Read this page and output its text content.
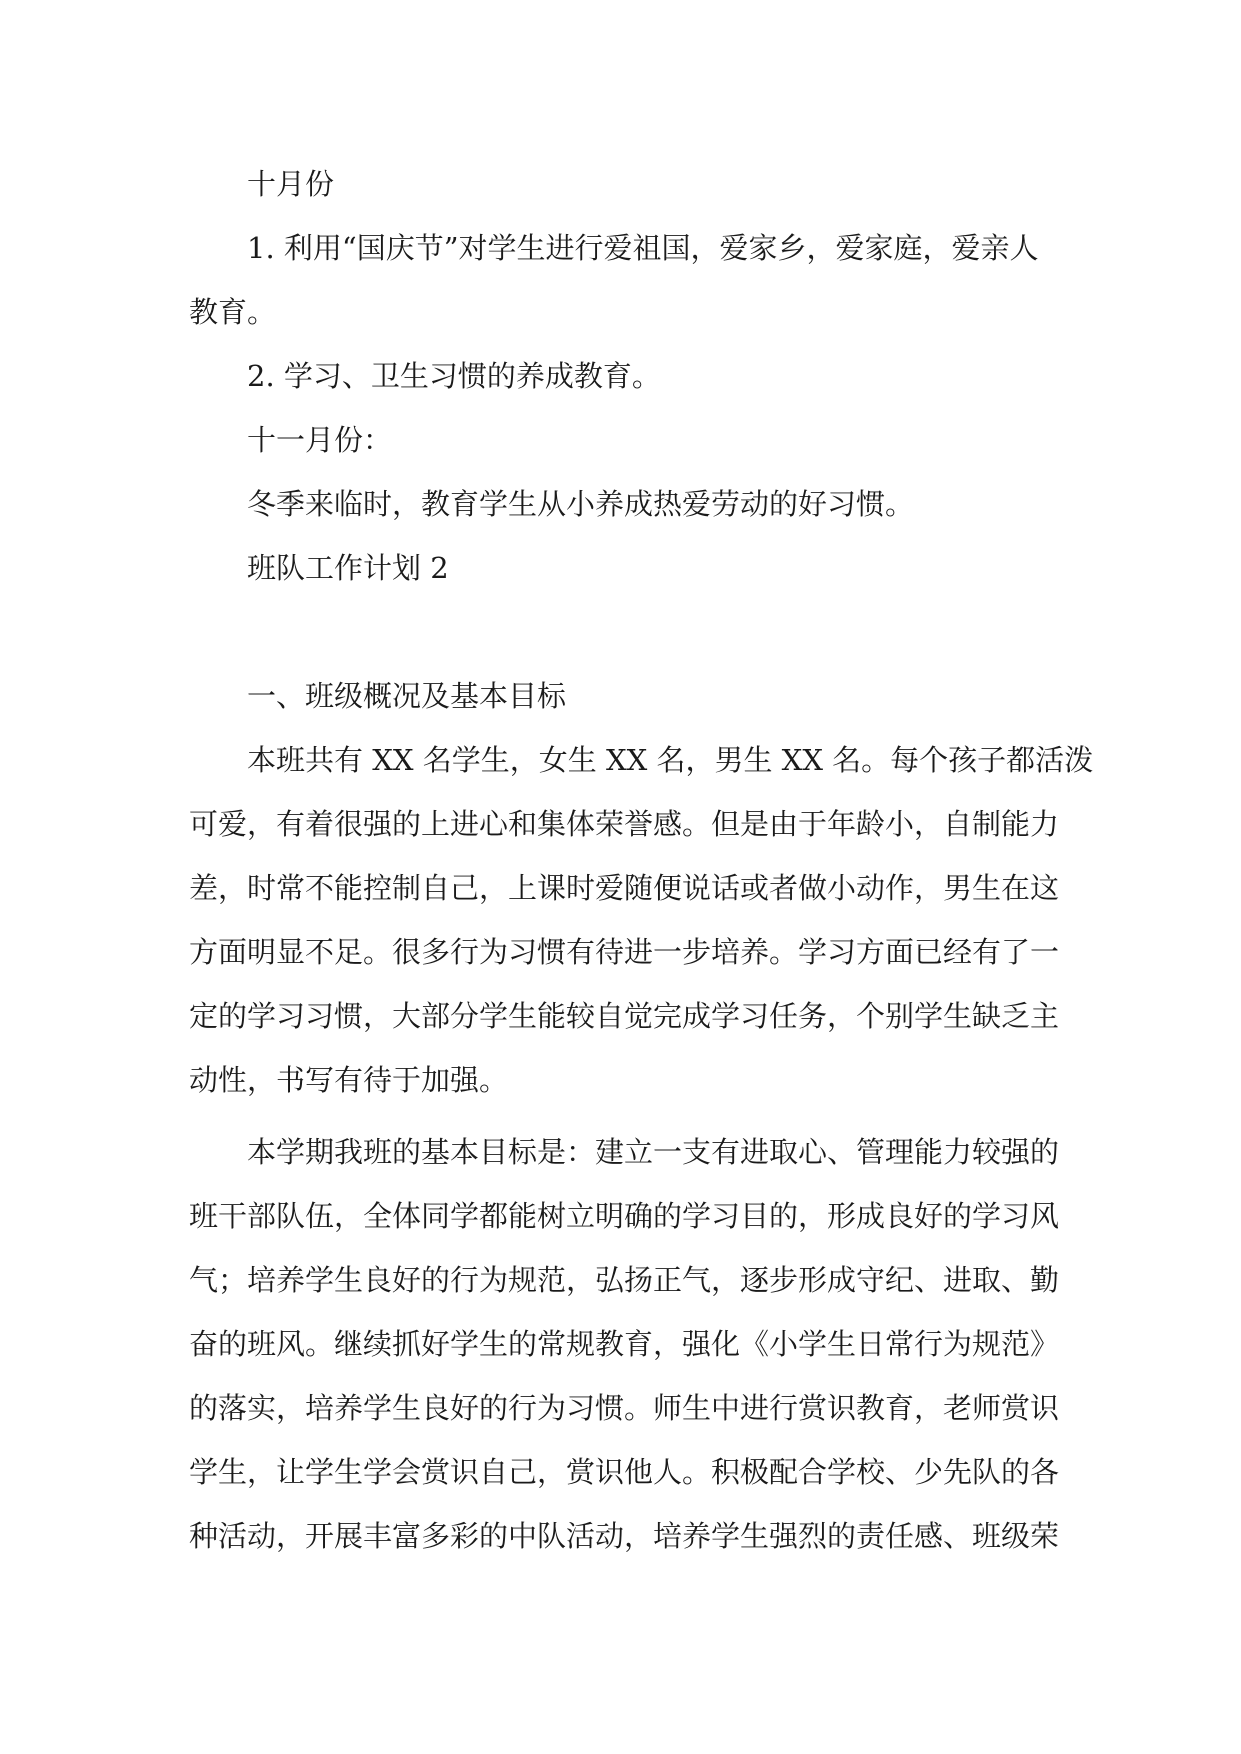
十月份
1. 利用“国庆节”对学生进行爱祖国，爱家乡，爱家庭，爱亲人
教育。
2. 学习、卫生习惯的养成教育。
十一月份：
冬季来临时，教育学生从小养成热爱劳动的好习惯。
班队工作计划 2
一、班级概况及基本目标
本班共有 XX 名学生，女生 XX 名，男生 XX 名。每个孩子都活泼
可爱，有着很强的上进心和集体荣誉感。但是由于年龄小，自制能力
差，时常不能控制自己，上课时爱随便说话或者做小动作，男生在这
方面明显不足。很多行为习惯有待进一步培养。学习方面已经有了一
定的学习习惯，大部分学生能较自觉完成学习任务，个别学生缺乏主
动性，书写有待于加强。
本学期我班的基本目标是：建立一支有进取心、管理能力较强的
班干部队伍，全体同学都能树立明确的学习目的，形成良好的学习风
气；培养学生良好的行为规范，弘扬正气，逐步形成守纪、进取、勤
奋的班风。继续抓好学生的常规教育，强化《小学生日常行为规范》
的落实，培养学生良好的行为习惯。师生中进行赏识教育，老师赏识
学生，让学生学会赏识自己，赏识他人。积极配合学校、少先队的各
种活动，开展丰富多彩的中队活动，培养学生强烈的责任感、班级荣
